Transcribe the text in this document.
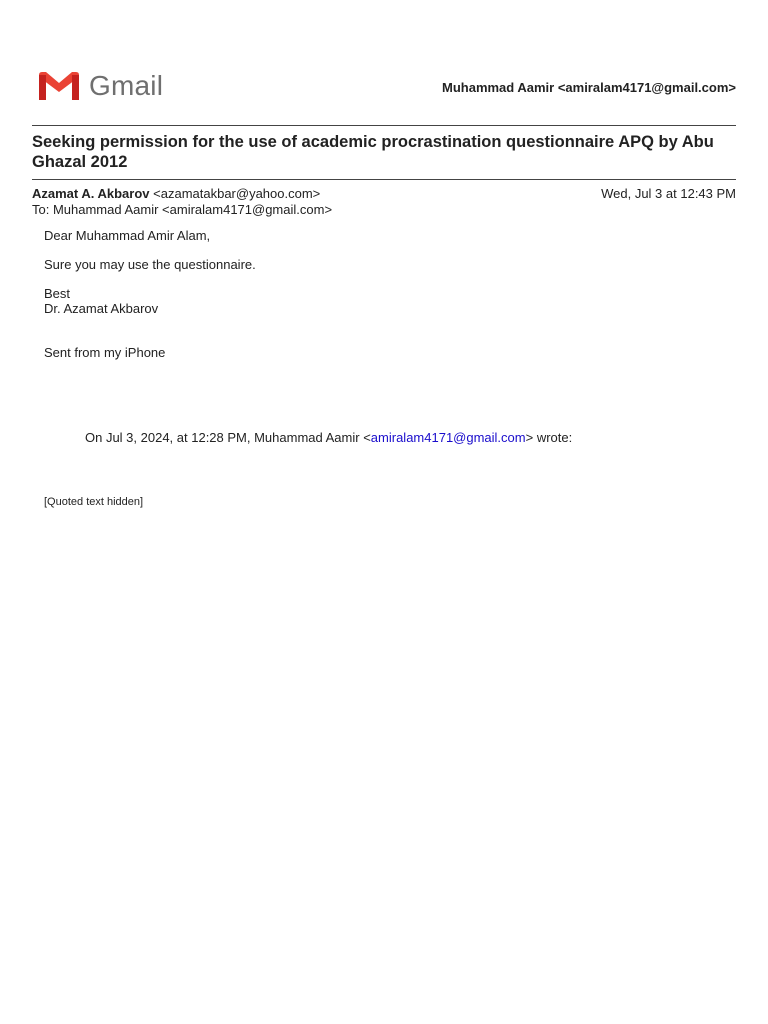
Gmail	Muhammad Aamir <amiralam4171@gmail.com>
Seeking permission for the use of academic procrastination questionnaire APQ by Abu Ghazal 2012
Azamat A. Akbarov <azamatakbar@yahoo.com>	Wed, Jul 3 at 12:43 PM
To: Muhammad Aamir <amiralam4171@gmail.com>

Dear Muhammad Amir Alam,

Sure you may use the questionnaire.

Best

Dr. Azamat Akbarov

Sent from my iPhone

On Jul 3, 2024, at 12:28 PM, Muhammad Aamir <amiralam4171@gmail.com> wrote:
[Quoted text hidden]
